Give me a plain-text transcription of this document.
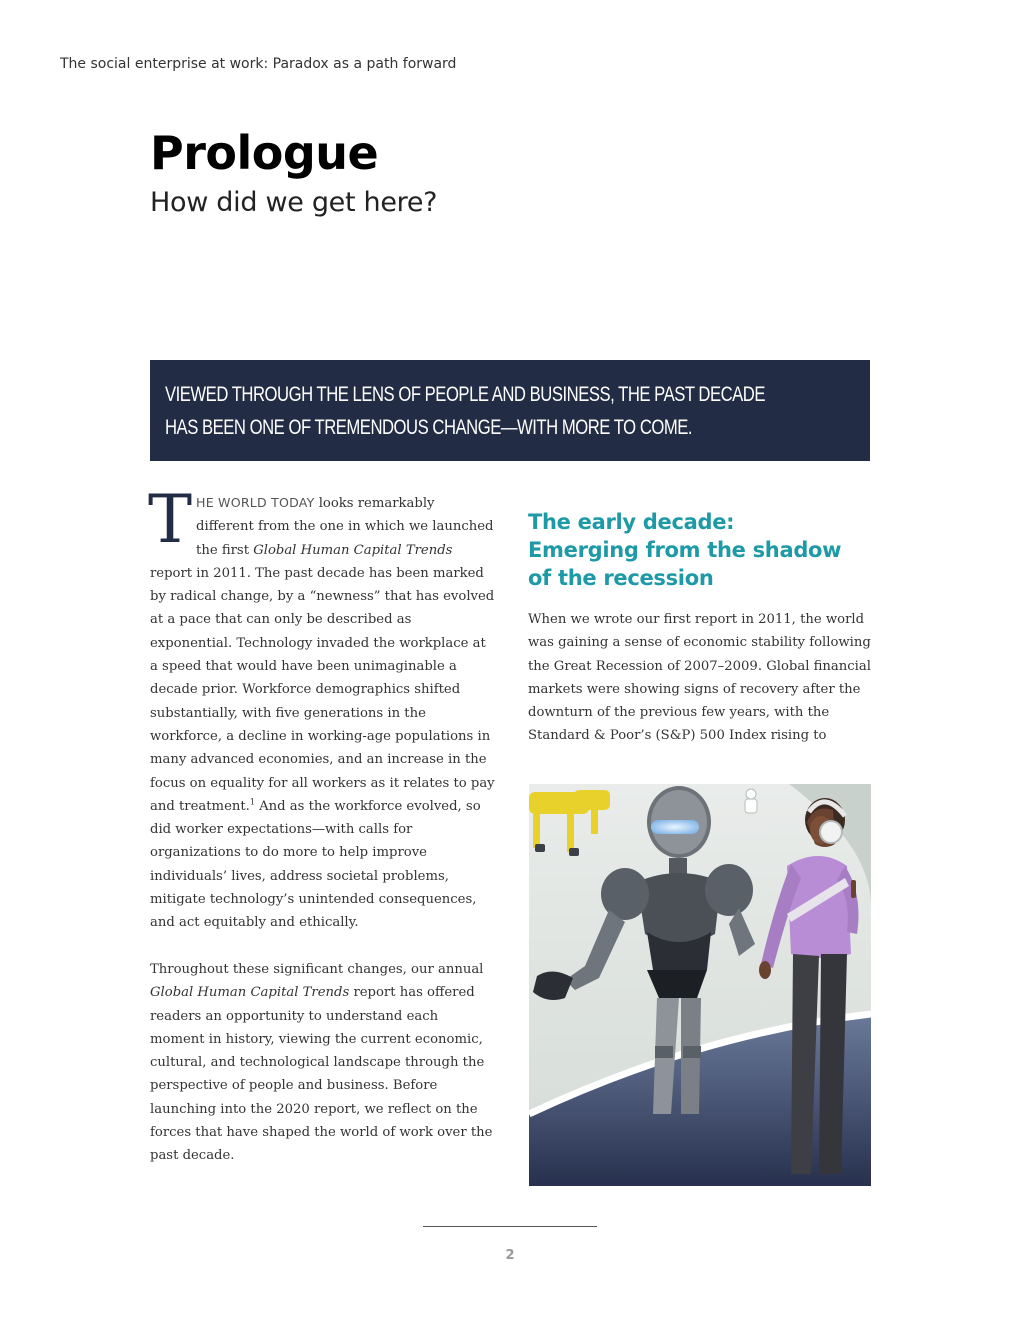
The social enterprise at work: Paradox as a path forward
Prologue
How did we get here?
VIEWED THROUGH THE LENS OF PEOPLE AND BUSINESS, THE PAST DECADE
HAS BEEN ONE OF TREMENDOUS CHANGE—WITH MORE TO COME.

THE WORLD TODAY looks remarkably different from the one in which we launched the first Global Human Capital Trends report in 2011. The past decade has been marked by radical change, by a “newness” that has evolved at a pace that can only be described as exponential. Technology invaded the workplace at a speed that would have been unimaginable a decade prior. Workforce demographics shifted substantially, with five generations in the workforce, a decline in working-age populations in many advanced economies, and an increase in the focus on equality for all workers as it relates to pay and treatment.$^1$ And as the workforce evolved, so did worker expectations—with calls for organizations to do more to help improve individuals’ lives, address societal problems, mitigate technology’s unintended consequences, and act equitably and ethically.

Throughout these significant changes, our annual Global Human Capital Trends report has offered readers an opportunity to understand each moment in history, viewing the current economic, cultural, and technological landscape through the perspective of people and business. Before launching into the 2020 report, we reflect on the forces that have shaped the world of work over the past decade.

The early decade:
Emerging from the shadow
of the recession

When we wrote our first report in 2011, the world was gaining a sense of economic stability following the Great Recession of 2007–2009. Global financial markets were showing signs of recovery after the downturn of the previous few years, with the Standard & Poor’s (S&P) 500 Index rising to

2
